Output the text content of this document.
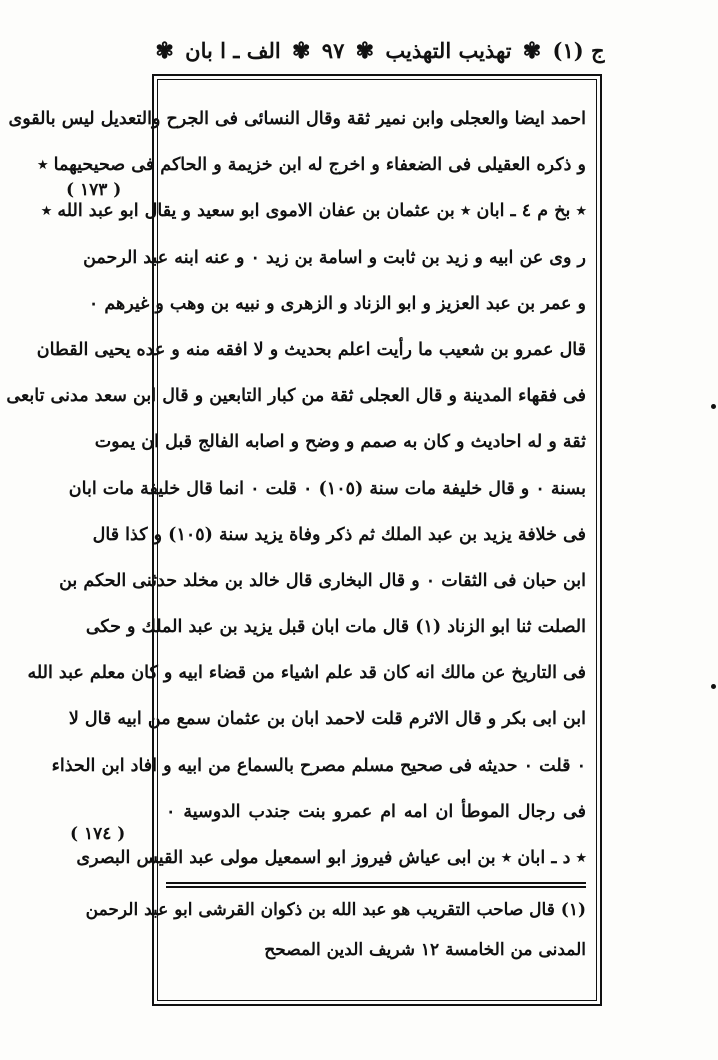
ج (١) ✾ تهذيب التهذيب ✾ ٩٧ ✾ الف ـ ا بان ✾
احمد ايضا والعجلى وابن نمير ثقة وقال النسائى فى الجرح والتعديل ليس بالقوى
و ذكره العقيلى فى الضعفاء و اخرج له ابن خزيمة و الحاكم فى صحيحيهما ٭
٭ بخ م ٤ ـ ابان ٭ بن عثمان بن عفان الاموى ابو سعيد و يقال ابو عبد الله ٭
ر وى عن ابيه و زيد بن ثابت و اسامة بن زيد ٠ و عنه ابنه عبد الرحمن
و عمر بن عبد العزيز و ابو الزناد و الزهرى و نبيه بن وهب و غيرهم ٠
قال عمرو بن شعيب ما رأيت اعلم بحديث و لا افقه منه و عده يحيى القطان
فى فقهاء المدينة و قال العجلى ثقة من كبار التابعين و قال ابن سعد مدنى تابعى
ثقة و له احاديث و كان به صمم و وضح و اصابه الفالج قبل ان يموت
بسنة ٠ و قال خليفة مات سنة (١٠٥) ٠ قلت ٠ انما قال خليفة مات ابان
فى خلافة يزيد بن عبد الملك ثم ذكر وفاة يزيد سنة (١٠٥) و كذا قال
ابن حبان فى الثقات ٠ و قال البخارى قال خالد بن مخلد حدثنى الحكم بن
الصلت ثنا ابو الزناد (١) قال مات ابان قبل يزيد بن عبد الملك و حكى
فى التاريخ عن مالك انه كان قد علم اشياء من قضاء ابيه و كان معلم عبد الله
ابن ابى بكر و قال الاثرم قلت لاحمد ابان بن عثمان سمع من ابيه قال لا
٠ قلت ٠ حديثه فى صحيح مسلم مصرح بالسماع من ابيه و افاد ابن الحذاء
فى رجال الموطأ ان امه ام عمرو بنت جندب الدوسية ٠
٭ د ـ ابان ٭ بن ابى عياش فيروز ابو اسمعيل مولى عبد القيس البصرى
(١) قال صاحب التقريب هو عبد الله بن ذكوان القرشى ابو عبد الرحمن
المدنى من الخامسة ١٢ شريف الدين المصحح
( ١٧٣ )
( ١٧٤ )
